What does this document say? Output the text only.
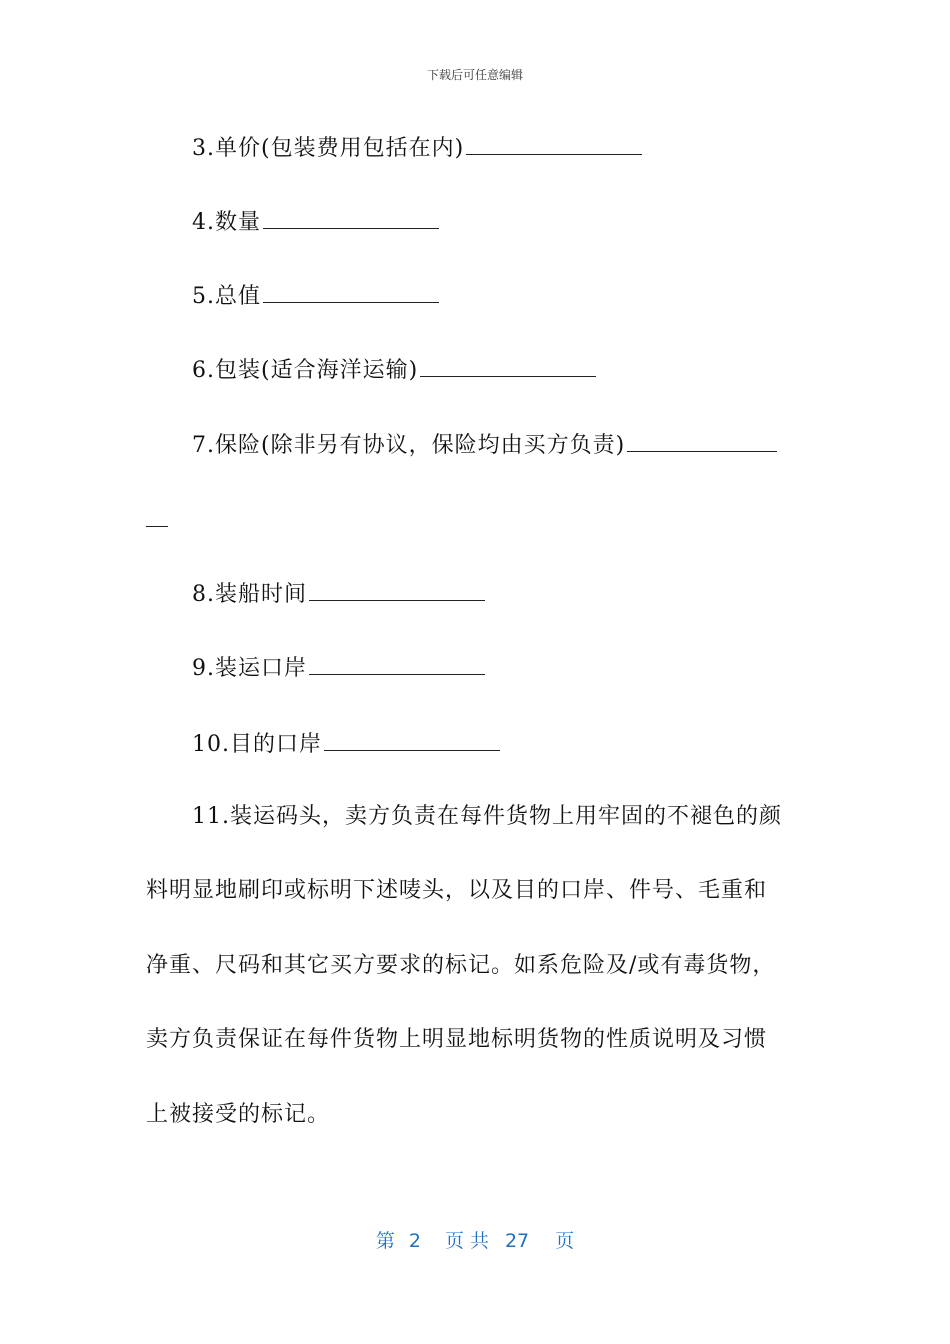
下载后可任意编辑
3.单价(包装费用包括在内)
4.数量
5.总值
6.包装(适合海洋运输)
7.保险(除非另有协议，保险均由买方负责)
8.装船时间
9.装运口岸
10.目的口岸
11.装运码头，卖方负责在每件货物上用牢固的不褪色的颜
料明显地刷印或标明下述唛头，以及目的口岸、件号、毛重和
净重、尺码和其它买方要求的标记。如系危险及/或有毒货物，
卖方负责保证在每件货物上明显地标明货物的性质说明及习惯
上被接受的标记。
第 2 页 共 27 页
